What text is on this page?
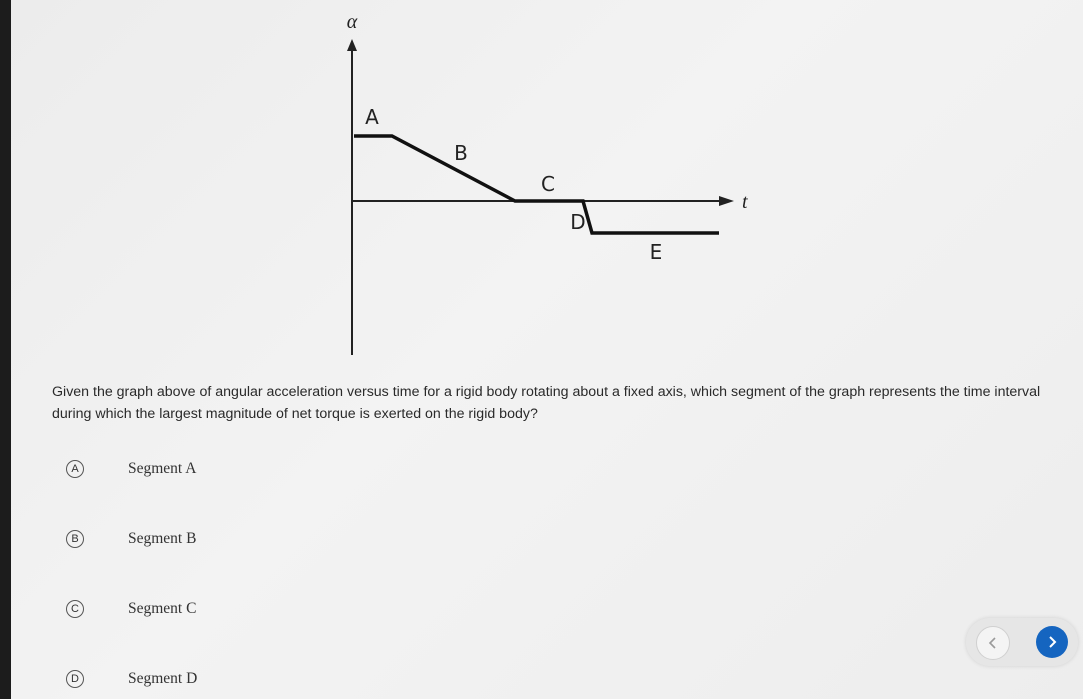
α
t
A
B
C
D
E
Given the graph above of angular acceleration versus time for a rigid body rotating about a fixed axis, which segment of the graph represents the time interval during which the largest magnitude of net torque is exerted on the rigid body?
A	Segment A
B	Segment B
C	Segment C
D	Segment D
